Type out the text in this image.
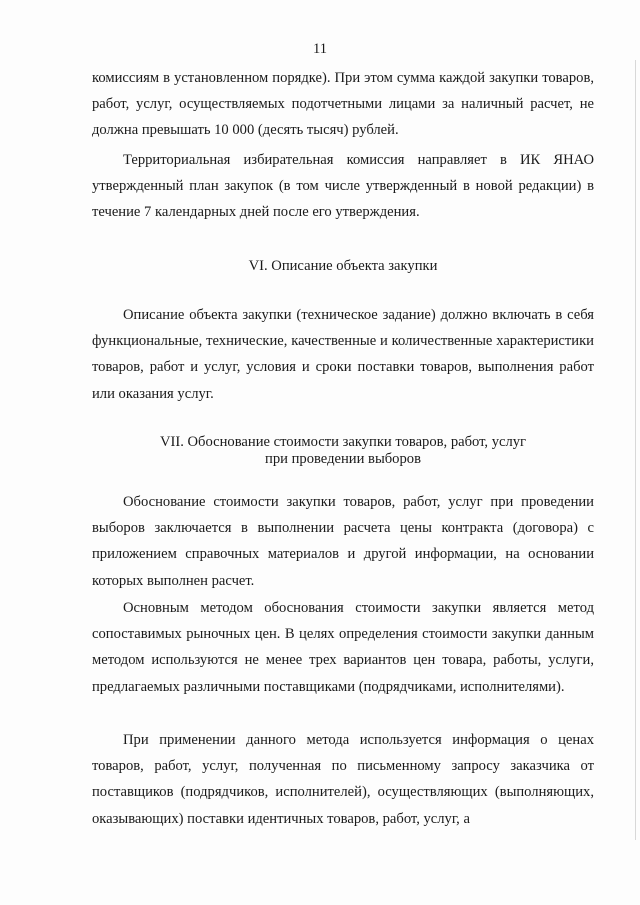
11

комиссиям в установленном порядке). При этом сумма каждой закупки товаров, работ, услуг, осуществляемых подотчетными лицами за наличный расчет, не должна превышать 10 000 (десять тысяч) рублей.

Территориальная избирательная комиссия направляет в ИК ЯНАО утвержденный план закупок (в том числе утвержденный в новой редакции) в течение 7 календарных дней после его утверждения.

VI. Описание объекта закупки

Описание объекта закупки (техническое задание) должно включать в себя функциональные, технические, качественные и количественные характеристики товаров, работ и услуг, условия и сроки поставки товаров, выполнения работ или оказания услуг.

VII. Обоснование стоимости закупки товаров, работ, услуг
при проведении выборов

Обоснование стоимости закупки товаров, работ, услуг при проведении выборов заключается в выполнении расчета цены контракта (договора) с приложением справочных материалов и другой информации, на основании которых выполнен расчет.

Основным методом обоснования стоимости закупки является метод сопоставимых рыночных цен. В целях определения стоимости закупки данным методом используются не менее трех вариантов цен товара, работы, услуги, предлагаемых различными поставщиками (подрядчиками, исполнителями).

При применении данного метода используется информация о ценах товаров, работ, услуг, полученная по письменному запросу заказчика от поставщиков (подрядчиков, исполнителей), осуществляющих (выполняющих, оказывающих) поставки идентичных товаров, работ, услуг, а
